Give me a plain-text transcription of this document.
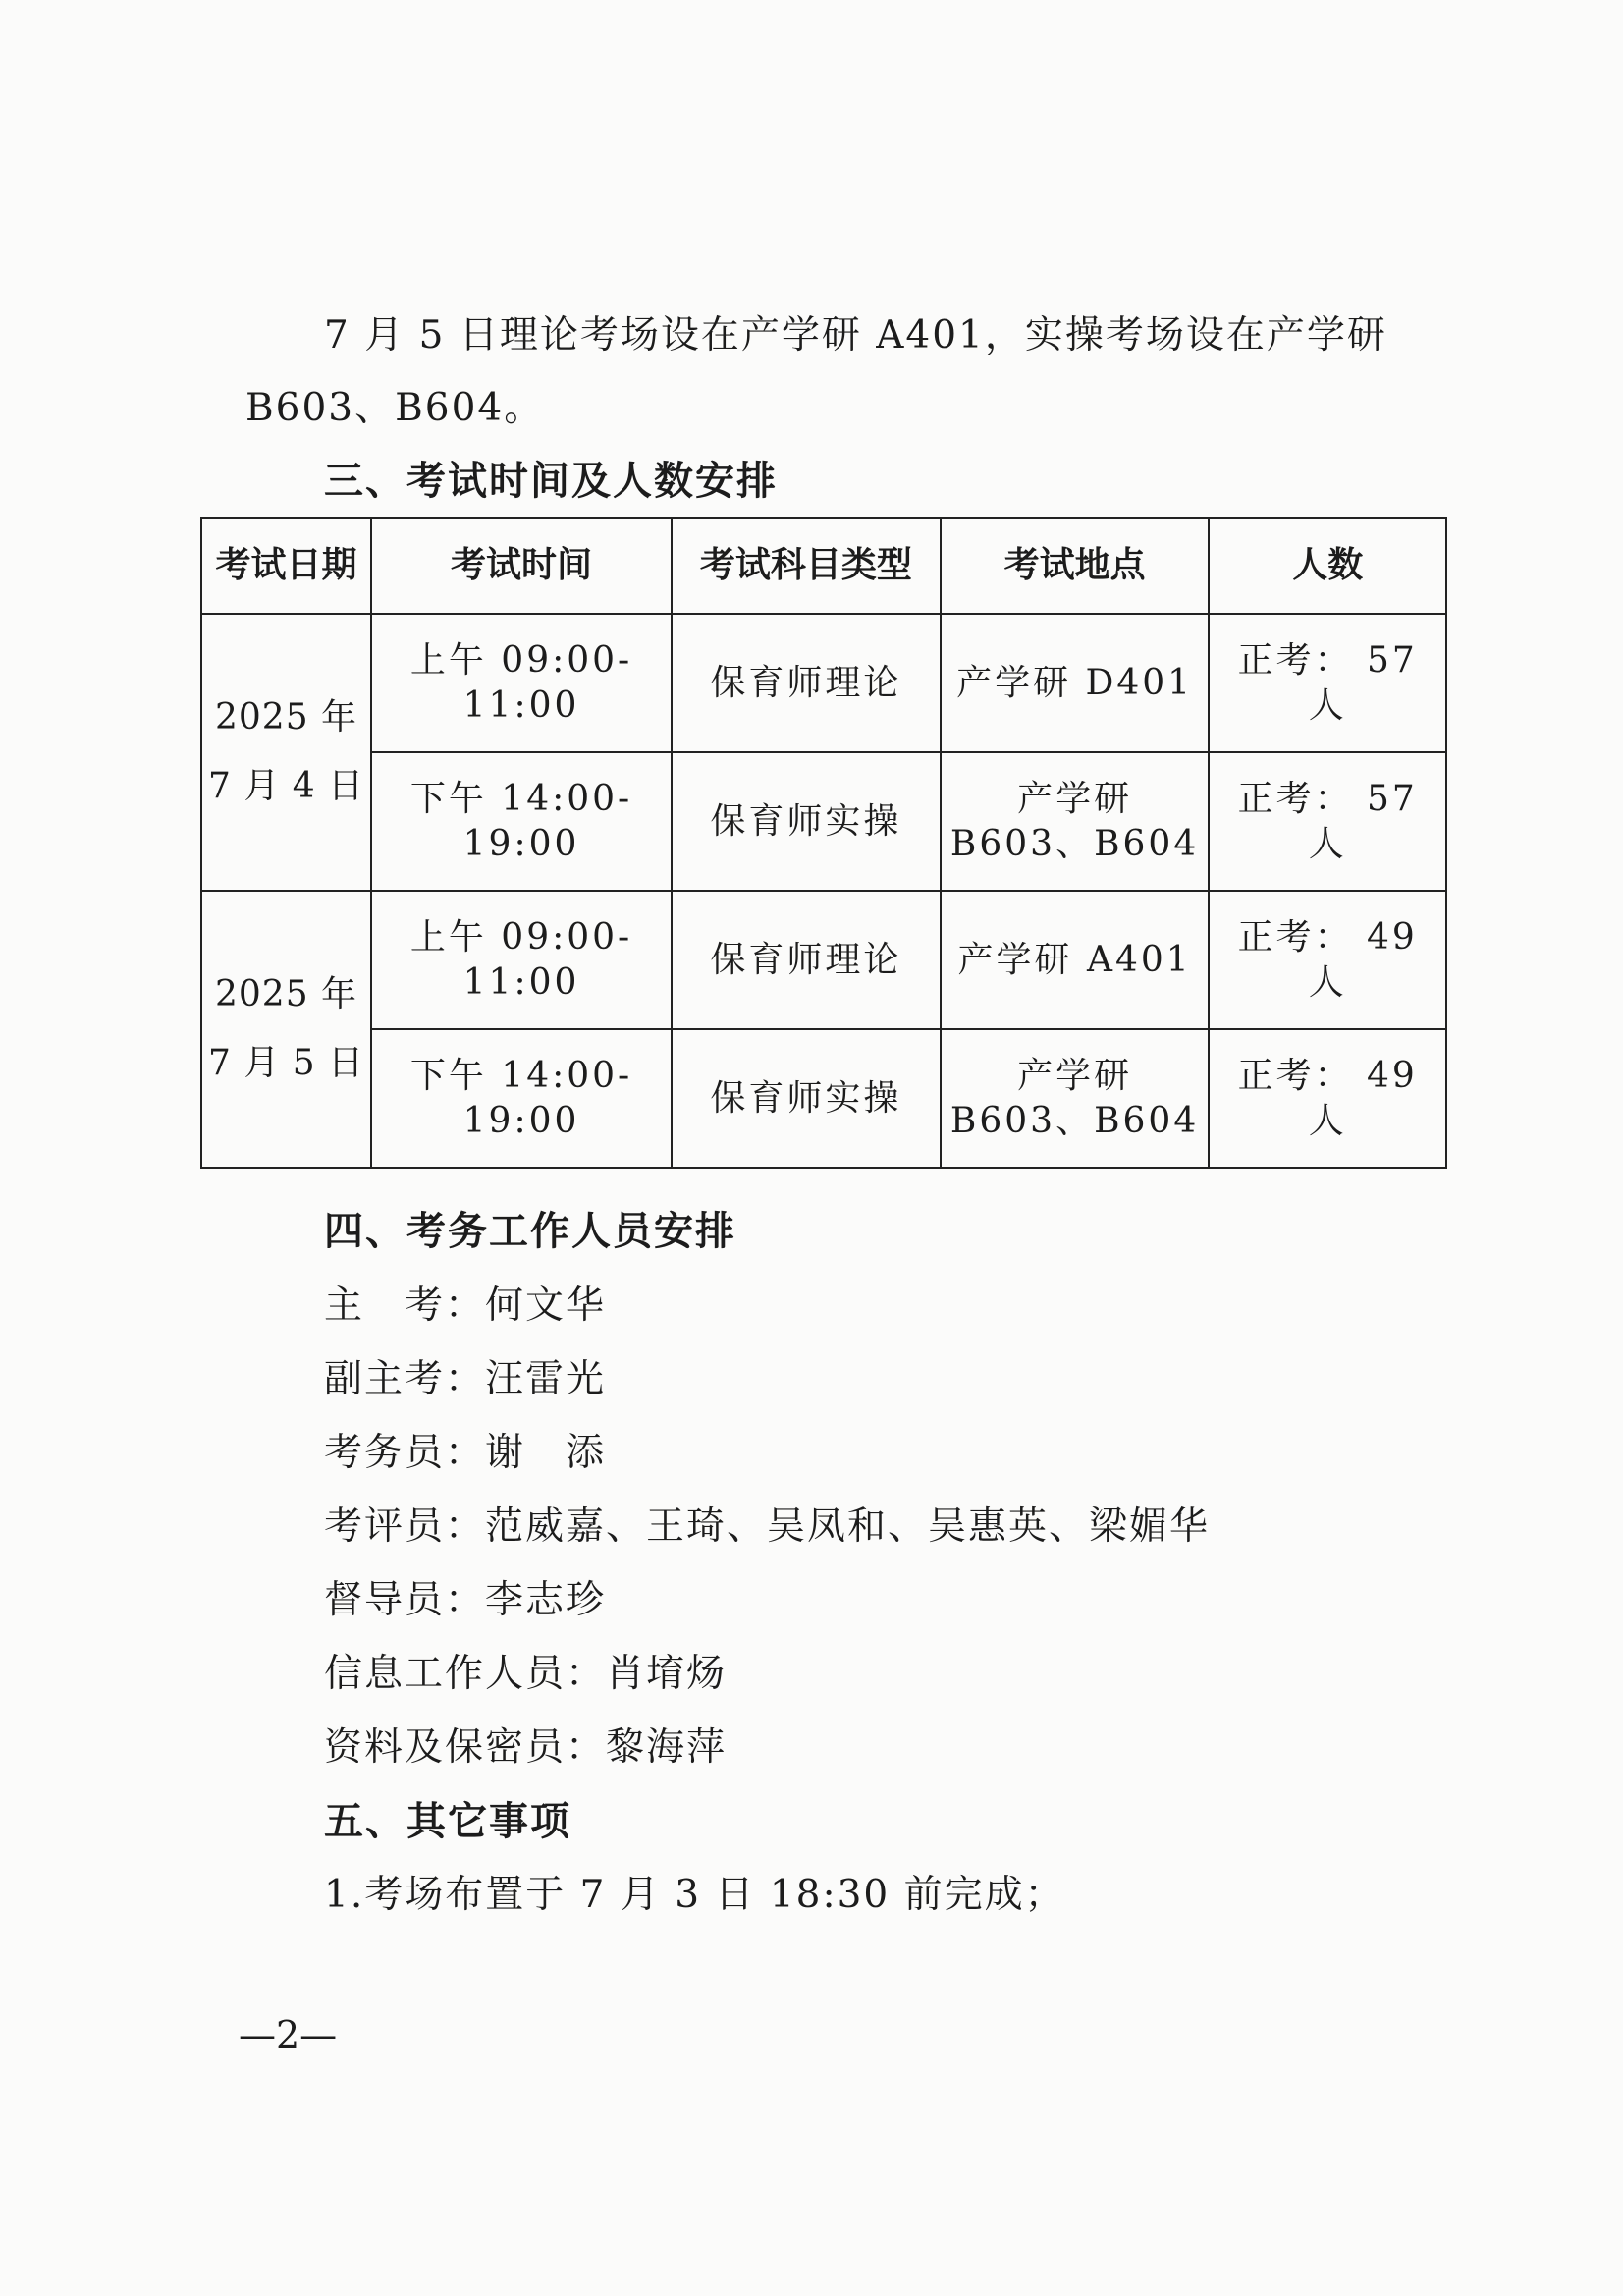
7 月 5 日理论考场设在产学研 A401，实操考场设在产学研
B603、B604。
三、考试时间及人数安排
考试日期	考试时间	考试科目类型	考试地点	人数

2025 年
7 月 4 日	上午 09:00-11:00	保育师理论	产学研 D401	正考： 57 人
	下午 14:00-19:00	保育师实操	产学研 B603、B604	正考： 57 人

2025 年
7 月 5 日	上午 09:00-11:00	保育师理论	产学研 A401	正考： 49 人
	下午 14:00-19:00	保育师实操	产学研 B603、B604	正考： 49 人
四、考务工作人员安排
主　考：何文华
副主考：汪雷光
考务员：谢　添
考评员：范威嘉、王琦、吴凤和、吴惠英、梁媚华
督导员：李志珍
信息工作人员：肖堉炀
资料及保密员：黎海萍
五、其它事项
1.考场布置于 7 月 3 日 18:30 前完成；
—2—
